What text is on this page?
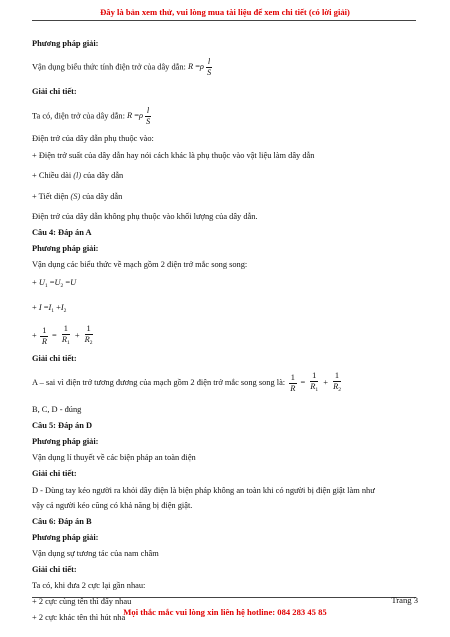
Đây là bản xem thử, vui lòng mua tài liệu để xem chi tiết (có lời giải)
Phương pháp giải:
Vận dụng biểu thức tính điện trở của dây dẫn: $R =\rho \frac{l}{S}$
Giải chi tiết:
Ta có, điện trở của dây dẫn: $R =\rho \frac{l}{S}$
Điện trở của dây dẫn phụ thuộc vào:
+ Điện trở suất của dây dẫn hay nói cách khác là phụ thuộc vào vật liệu làm dây dẫn
+ Chiều dài (l) của dây dẫn
+ Tiết diện (S) của dây dẫn
Điện trở của dây dẫn không phụ thuộc vào khối lượng của dây dẫn.
Câu 4: Đáp án A
Phương pháp giải:
Vận dụng các biểu thức về mạch gồm 2 điện trở mắc song song:
+ $U_1 =U_2 =U$
+ $I =I_1 +I_2$
+ $\frac{1}{R} = \frac{1}{R_1} + \frac{1}{R_2}$
Giải chi tiết:
A – sai vì điện trở tương đương của mạch gồm 2 điện trở mắc song song là: $\frac{1}{R} = \frac{1}{R_1} + \frac{1}{R_2}$
B, C, D - đúng
Câu 5: Đáp án D
Phương pháp giải:
Vận dụng lí thuyết về các biện pháp an toàn điện
Giải chi tiết:
D - Dùng tay kéo người ra khỏi dây điện là biện pháp không an toàn khi có người bị điện giật làm như
vậy cả người kéo cũng có khả năng bị điện giật.
Câu 6: Đáp án B
Phương pháp giải:
Vận dụng sự tương tác của nam châm
Giải chi tiết:
Ta có, khi đưa 2 cực lại gần nhau:
+ 2 cực cùng tên thì đẩy nhau
+ 2 cực khác tên thì hút nha
Trang 3
Mọi thắc mắc vui lòng xin liên hệ hotline: 084 283 45 85
